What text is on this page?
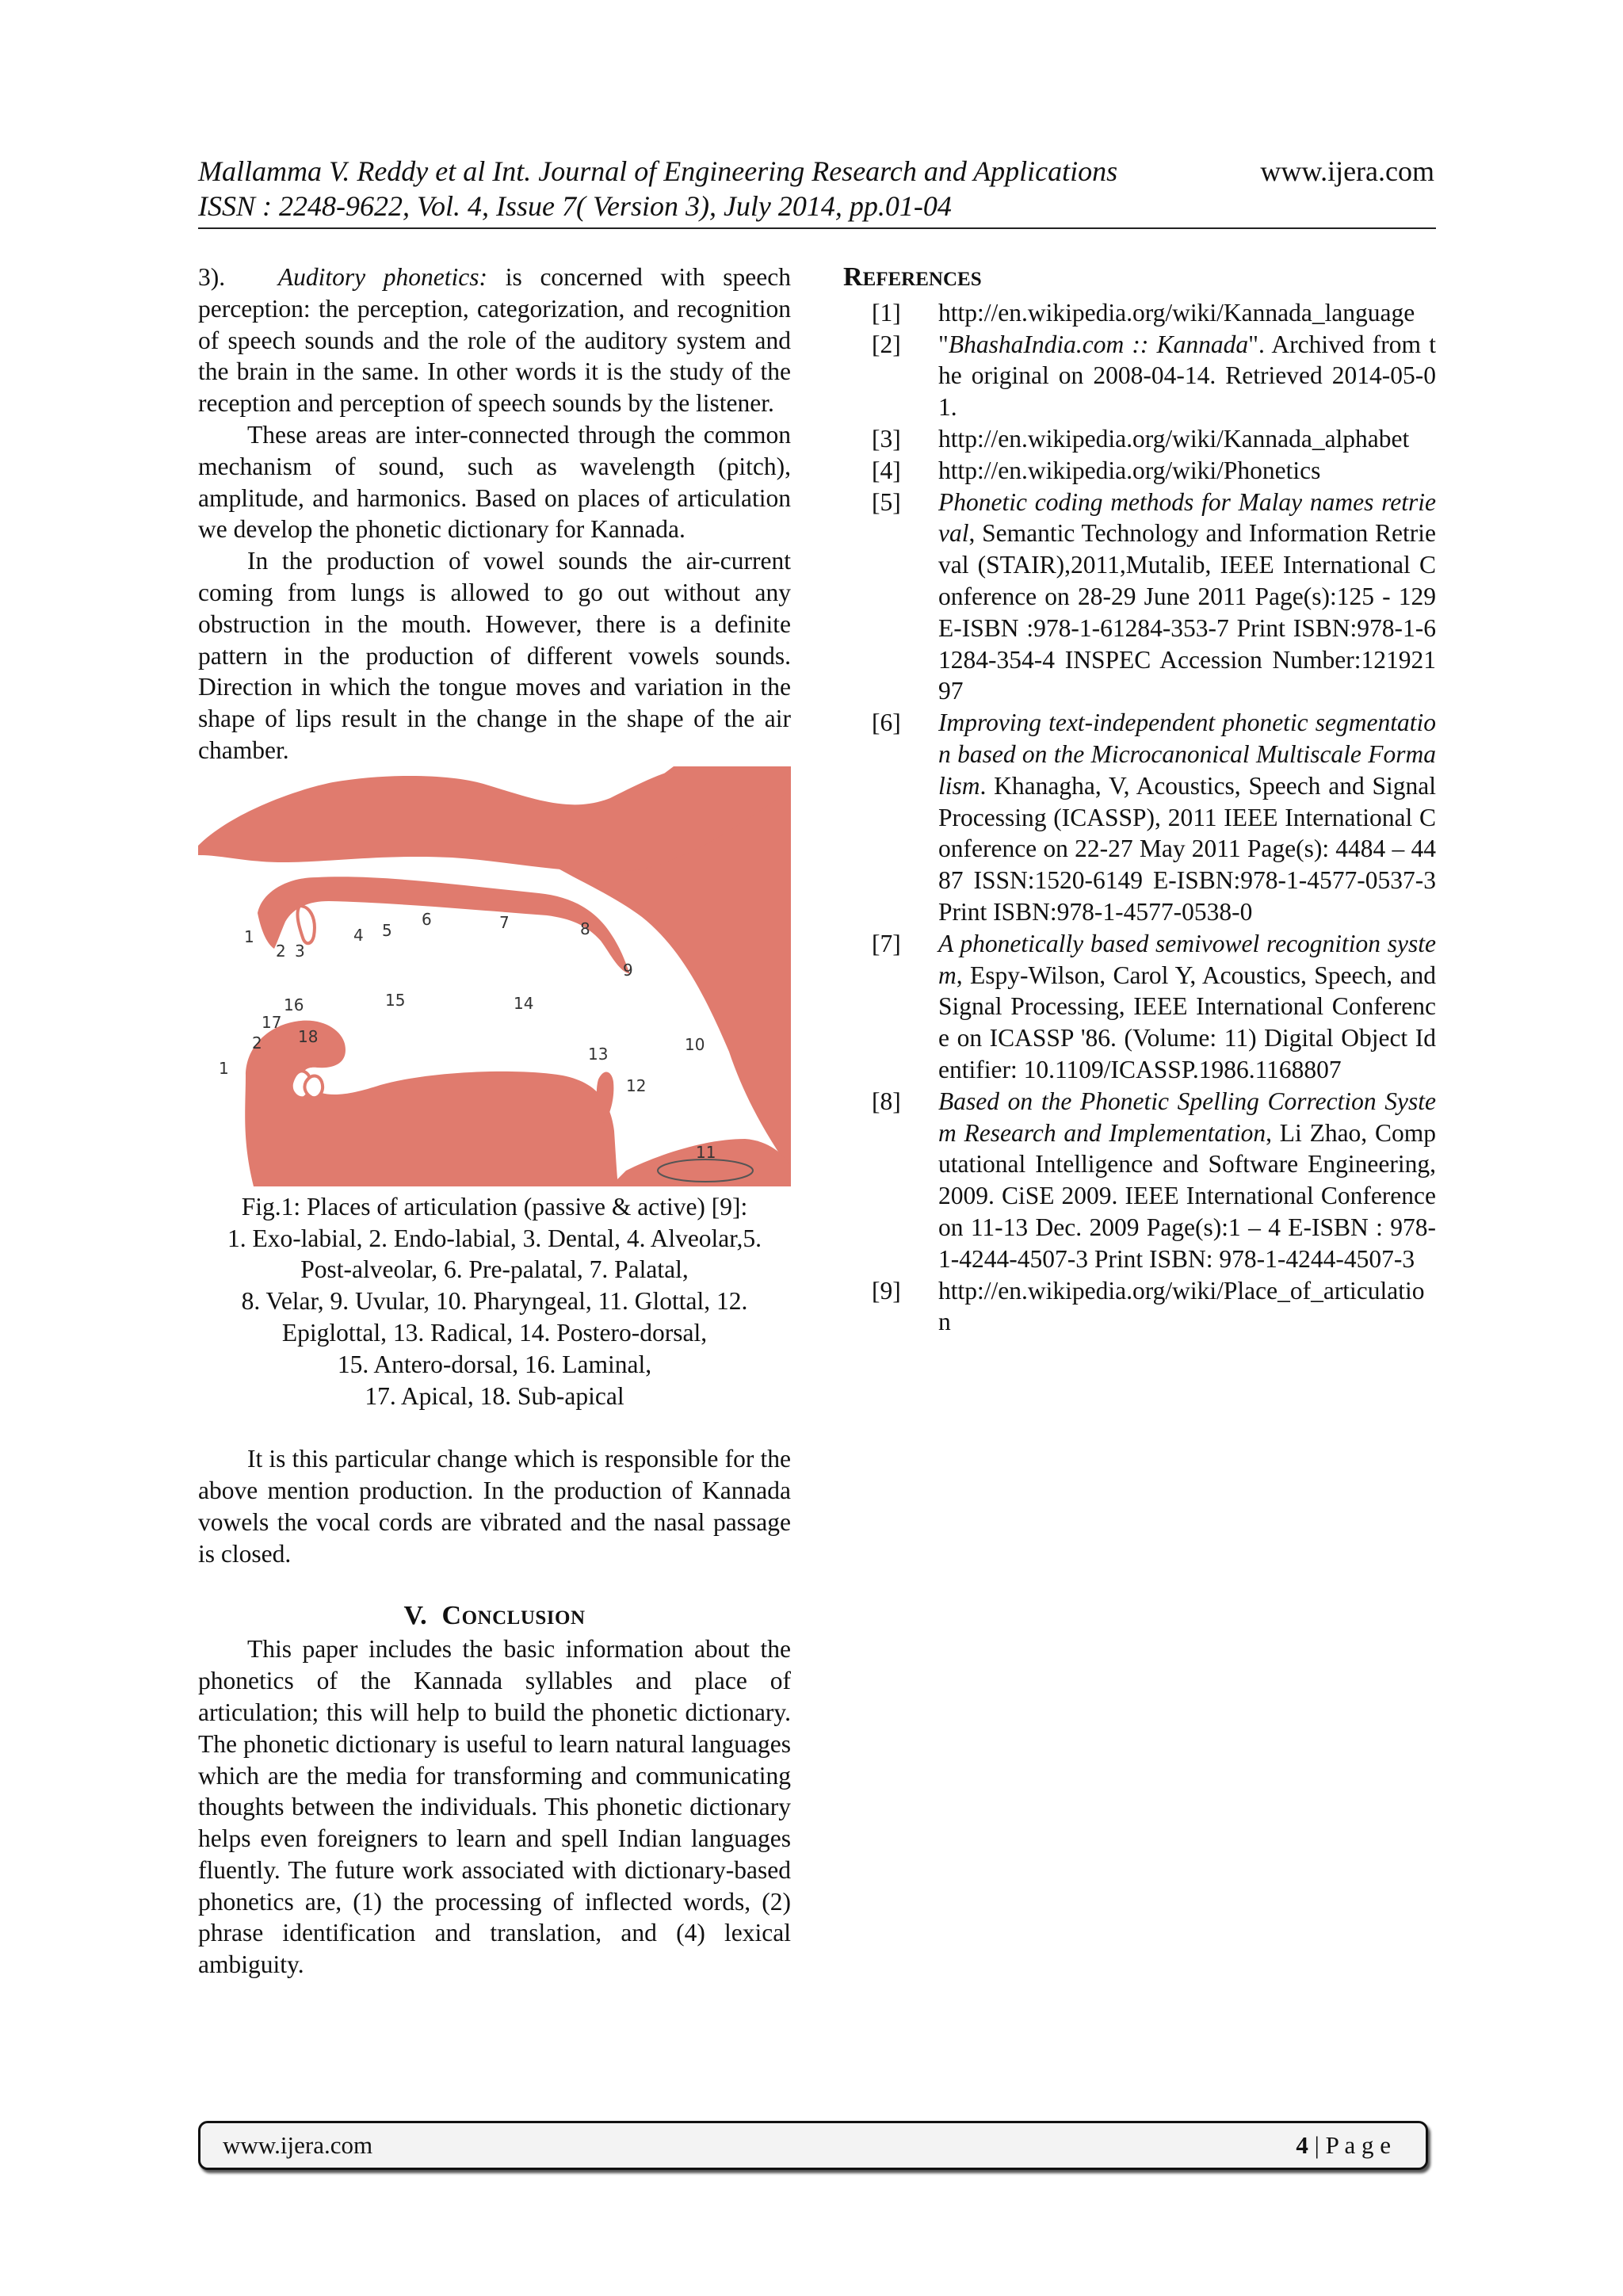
Mallamma V. Reddy et al Int. Journal of Engineering Research and Applications	www.ijera.com
ISSN : 2248-9622, Vol. 4, Issue 7( Version 3), July 2014, pp.01-04

3). Auditory phonetics: is concerned with speech perception: the perception, categorization, and recognition of speech sounds and the role of the auditory system and the brain in the same. In other words it is the study of the reception and perception of speech sounds by the listener.

These areas are inter-connected through the common mechanism of sound, such as wavelength (pitch), amplitude, and harmonics. Based on places of articulation we develop the phonetic dictionary for Kannada.

In the production of vowel sounds the air-current coming from lungs is allowed to go out without any obstruction in the mouth. However, there is a definite pattern in the production of different vowels sounds. Direction in which the tongue moves and variation in the shape of lips result in the change in the shape of the air chamber.

1
2 3
4 5
6	7	8
9
16	15	14
17
18
2
1
13	10
12
11
Fig.1: Places of articulation (passive & active) [9]:
1. Exo-labial, 2. Endo-labial, 3. Dental, 4. Alveolar,5.
Post-alveolar, 6. Pre-palatal, 7. Palatal,
8. Velar, 9. Uvular, 10. Pharyngeal, 11. Glottal, 12.
Epiglottal, 13. Radical, 14. Postero-dorsal,
15. Antero-dorsal, 16. Laminal,
17. Apical, 18. Sub-apical

It is this particular change which is responsible for the above mention production. In the production of Kannada vowels the vocal cords are vibrated and the nasal passage is closed.

V. CONCLUSION

This paper includes the basic information about the phonetics of the Kannada syllables and place of articulation; this will help to build the phonetic dictionary. The phonetic dictionary is useful to learn natural languages which are the media for transforming and communicating thoughts between the individuals. This phonetic dictionary helps even foreigners to learn and spell Indian languages fluently. The future work associated with dictionary-based phonetics are, (1) the processing of inflected words, (2) phrase identification and translation, and (4) lexical ambiguity.

REFERENCES
[1]	http://en.wikipedia.org/wiki/Kannada_language
[2]	"BhashaIndia.com :: Kannada". Archived from the original on 2008-04-14. Retrieved 2014-05-01.
[3]	http://en.wikipedia.org/wiki/Kannada_alphabet
[4]	http://en.wikipedia.org/wiki/Phonetics
[5]	Phonetic coding methods for Malay names retrieval, Semantic Technology and Information Retrieval (STAIR),2011,Mutalib, IEEE International Conference on 28-29 June 2011 Page(s):125 - 129 E-ISBN :978-1-61284-353-7 Print ISBN:978-1-61284-354-4 INSPEC Accession Number:12192197
[6]	Improving text-independent phonetic segmentation based on the Microcanonical Multiscale Formalism. Khanagha, V, Acoustics, Speech and Signal Processing (ICASSP), 2011 IEEE International Conference on 22-27 May 2011 Page(s): 4484 – 4487 ISSN:1520-6149 E-ISBN:978-1-4577-0537-3 Print ISBN:978-1-4577-0538-0
[7]	A phonetically based semivowel recognition system, Espy-Wilson, Carol Y, Acoustics, Speech, and Signal Processing, IEEE International Conference on ICASSP '86. (Volume: 11) Digital Object Identifier: 10.1109/ICASSP.1986.1168807
[8]	Based on the Phonetic Spelling Correction System Research and Implementation, Li Zhao, Computational Intelligence and Software Engineering, 2009. CiSE 2009. IEEE International Conference on 11-13 Dec. 2009 Page(s):1 – 4 E-ISBN : 978-1-4244-4507-3 Print ISBN: 978-1-4244-4507-3
[9]	http://en.wikipedia.org/wiki/Place_of_articulation
www.ijera.com	4 | P a g e
